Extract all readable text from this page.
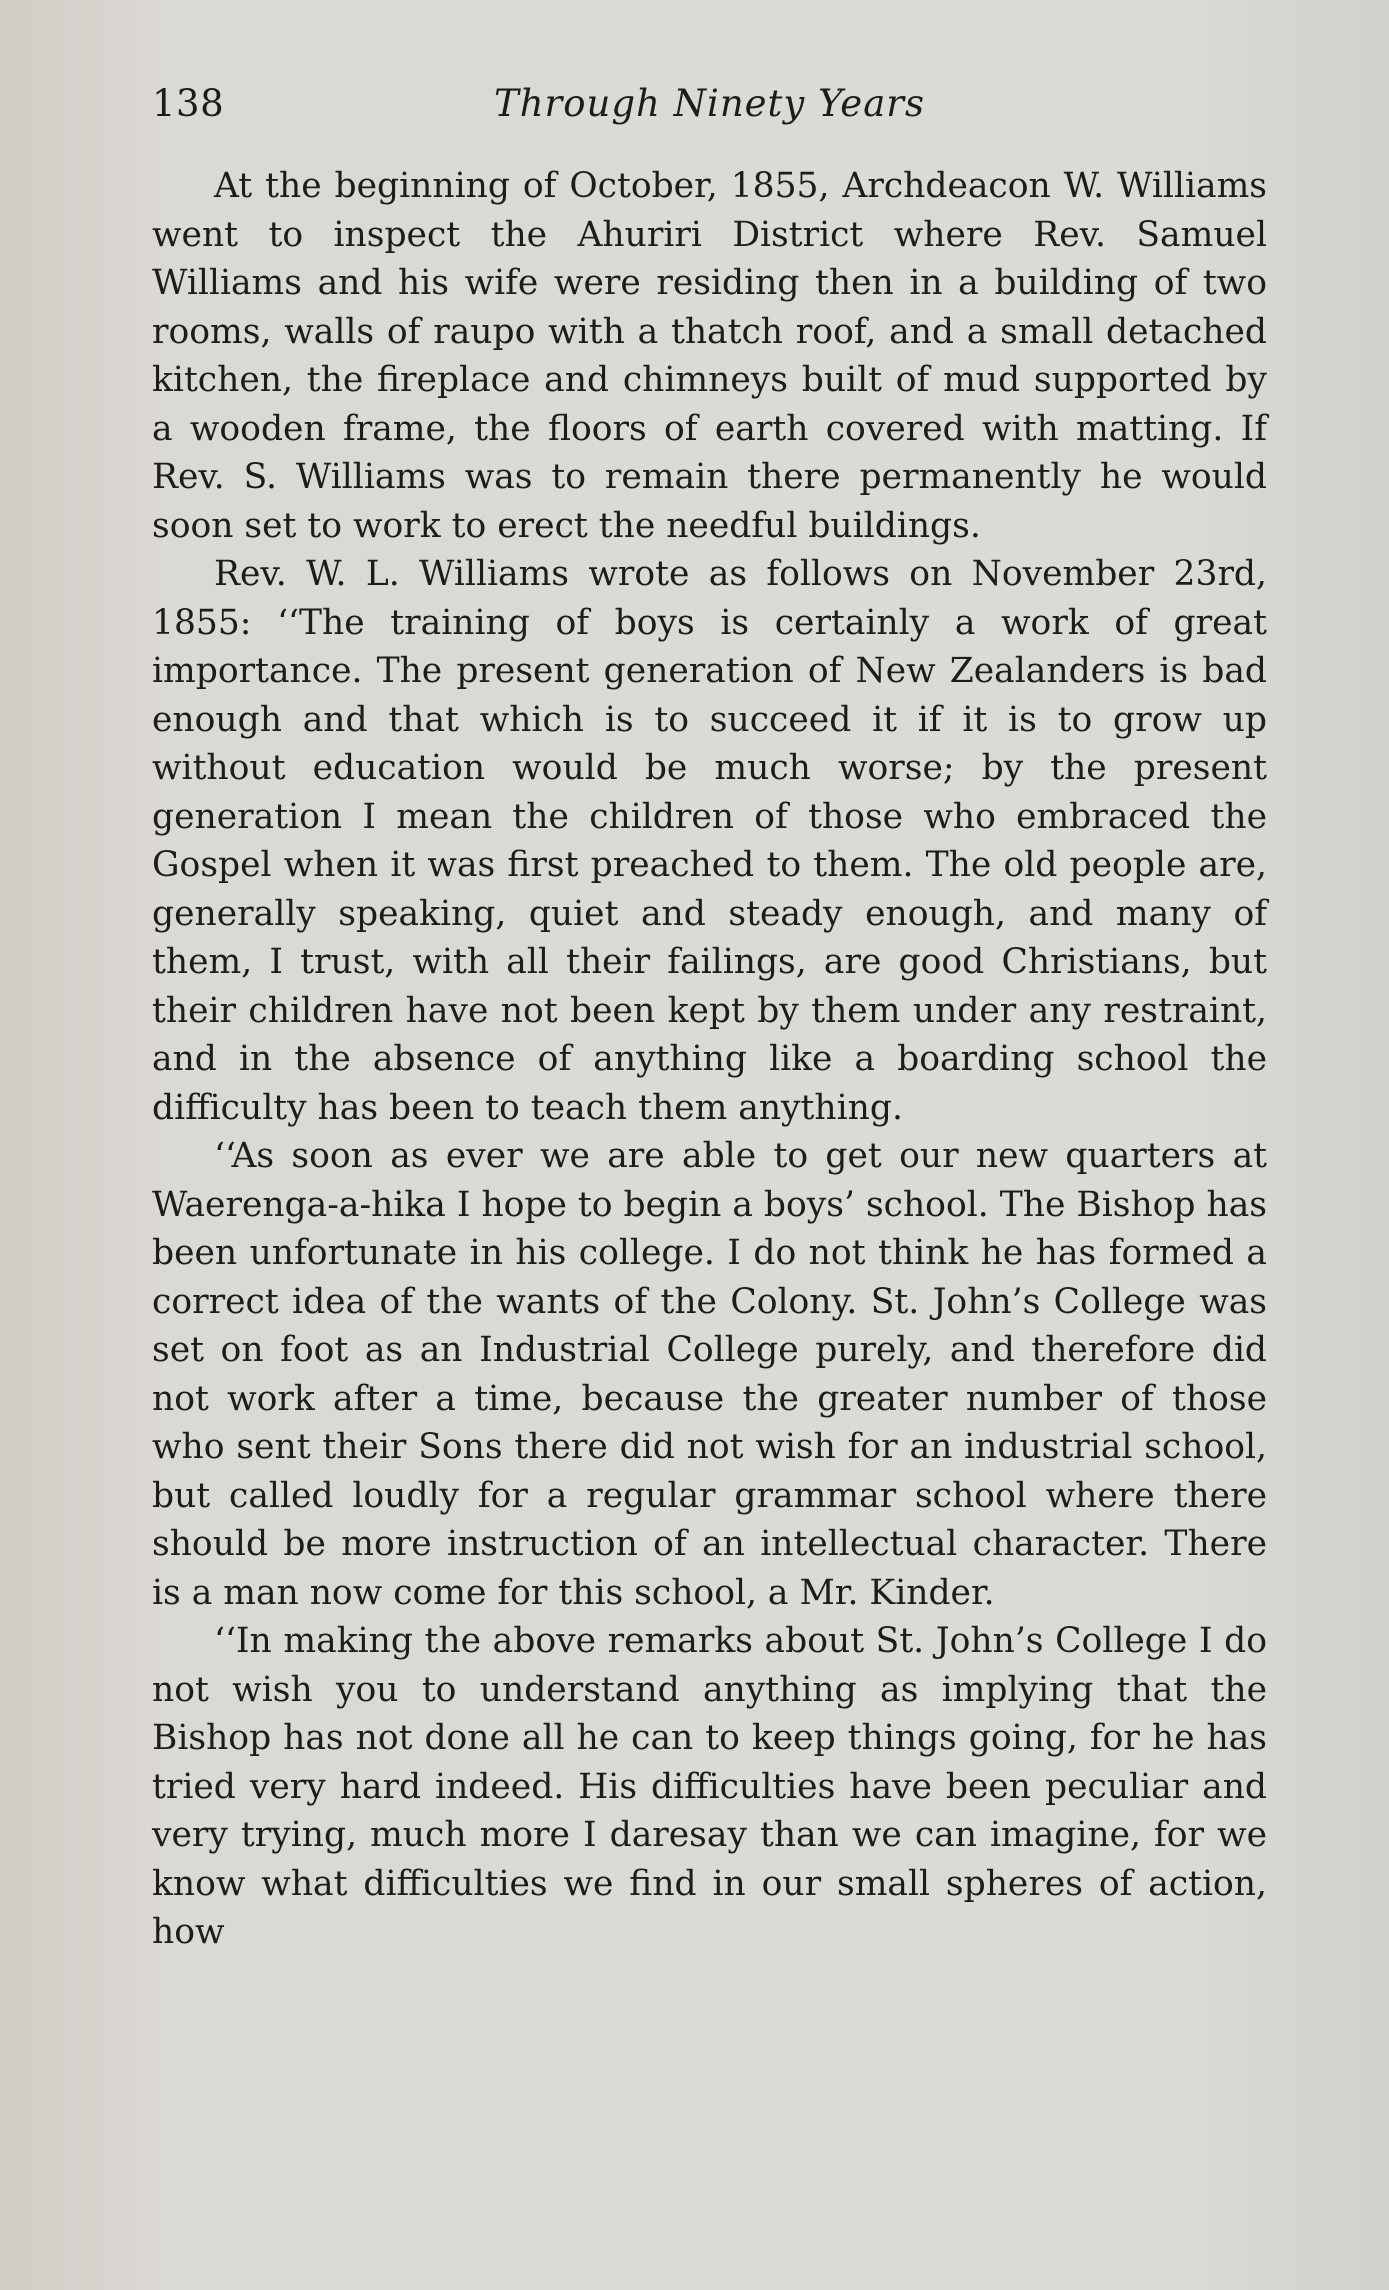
138	Through Ninety Years

At the beginning of October, 1855, Archdeacon W. Williams went to inspect the Ahuriri District where Rev. Samuel Williams and his wife were residing then in a building of two rooms, walls of raupo with a thatch roof, and a small detached kitchen, the fireplace and chimneys built of mud supported by a wooden frame, the floors of earth covered with matting. If Rev. S. Williams was to remain there permanently he would soon set to work to erect the needful buildings.

Rev. W. L. Williams wrote as follows on November 23rd, 1855: ‘‘The training of boys is certainly a work of great importance. The present generation of New Zealanders is bad enough and that which is to succeed it if it is to grow up without education would be much worse; by the present generation I mean the children of those who embraced the Gospel when it was first preached to them. The old people are, generally speaking, quiet and steady enough, and many of them, I trust, with all their failings, are good Christians, but their children have not been kept by them under any restraint, and in the absence of anything like a boarding school the difficulty has been to teach them anything.

‘‘As soon as ever we are able to get our new quarters at Waerenga-a-hika I hope to begin a boys’ school. The Bishop has been unfortunate in his college. I do not think he has formed a correct idea of the wants of the Colony. St. John’s College was set on foot as an Industrial College purely, and therefore did not work after a time, because the greater number of those who sent their Sons there did not wish for an industrial school, but called loudly for a regular grammar school where there should be more instruction of an intellectual character. There is a man now come for this school, a Mr. Kinder.

‘‘In making the above remarks about St. John’s College I do not wish you to understand anything as implying that the Bishop has not done all he can to keep things going, for he has tried very hard indeed. His difficulties have been peculiar and very trying, much more I daresay than we can imagine, for we know what difficulties we find in our small spheres of action, how
